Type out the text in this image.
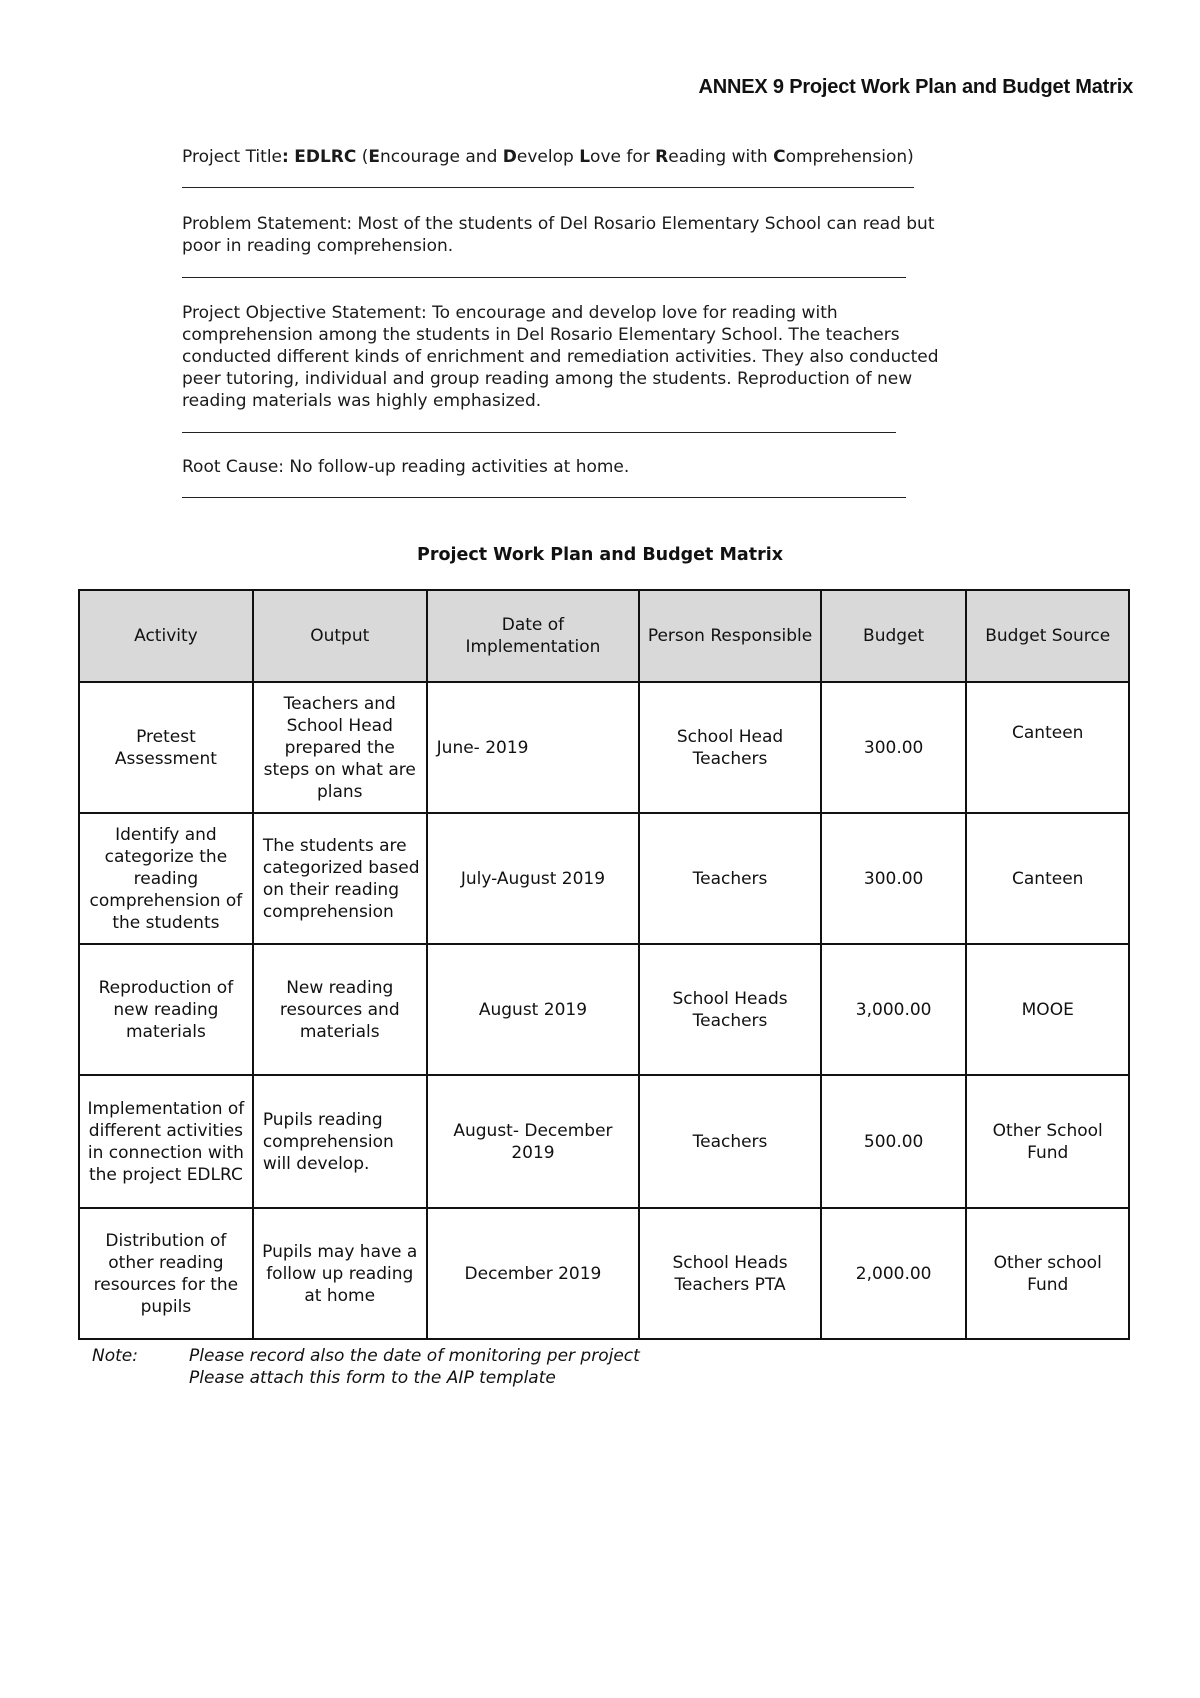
ANNEX 9 Project Work Plan and Budget Matrix
Project Title: EDLRC (Encourage and Develop Love for Reading with Comprehension)
Problem Statement: Most of the students of Del Rosario Elementary School can read but
poor in reading comprehension.
Project Objective Statement: To encourage and develop love for reading with
comprehension among the students in Del Rosario Elementary School. The teachers
conducted different kinds of enrichment and remediation activities. They also conducted
peer tutoring, individual and group reading among the students. Reproduction of new
reading materials was highly emphasized.
Root Cause: No follow-up reading activities at home.
Project Work Plan and Budget Matrix
Activity	Output	Date of Implementation	Person Responsible	Budget	Budget Source
Pretest Assessment	Teachers and School Head prepared the steps on what are plans	June- 2019	School Head Teachers	300.00	Canteen
Identify and categorize the reading comprehension of the students	The students are categorized based on their reading comprehension	July-August 2019	Teachers	300.00	Canteen
Reproduction of new reading materials	New reading resources and materials	August 2019	School Heads Teachers	3,000.00	MOOE
Implementation of different activities in connection with the project EDLRC	Pupils reading comprehension will develop.	August- December 2019	Teachers	500.00	Other School Fund
Distribution of other reading resources for the pupils	Pupils may have a follow up reading at home	December 2019	School Heads Teachers PTA	2,000.00	Other school Fund
Note:	Please record also the date of monitoring per project
Please attach this form to the AIP template
